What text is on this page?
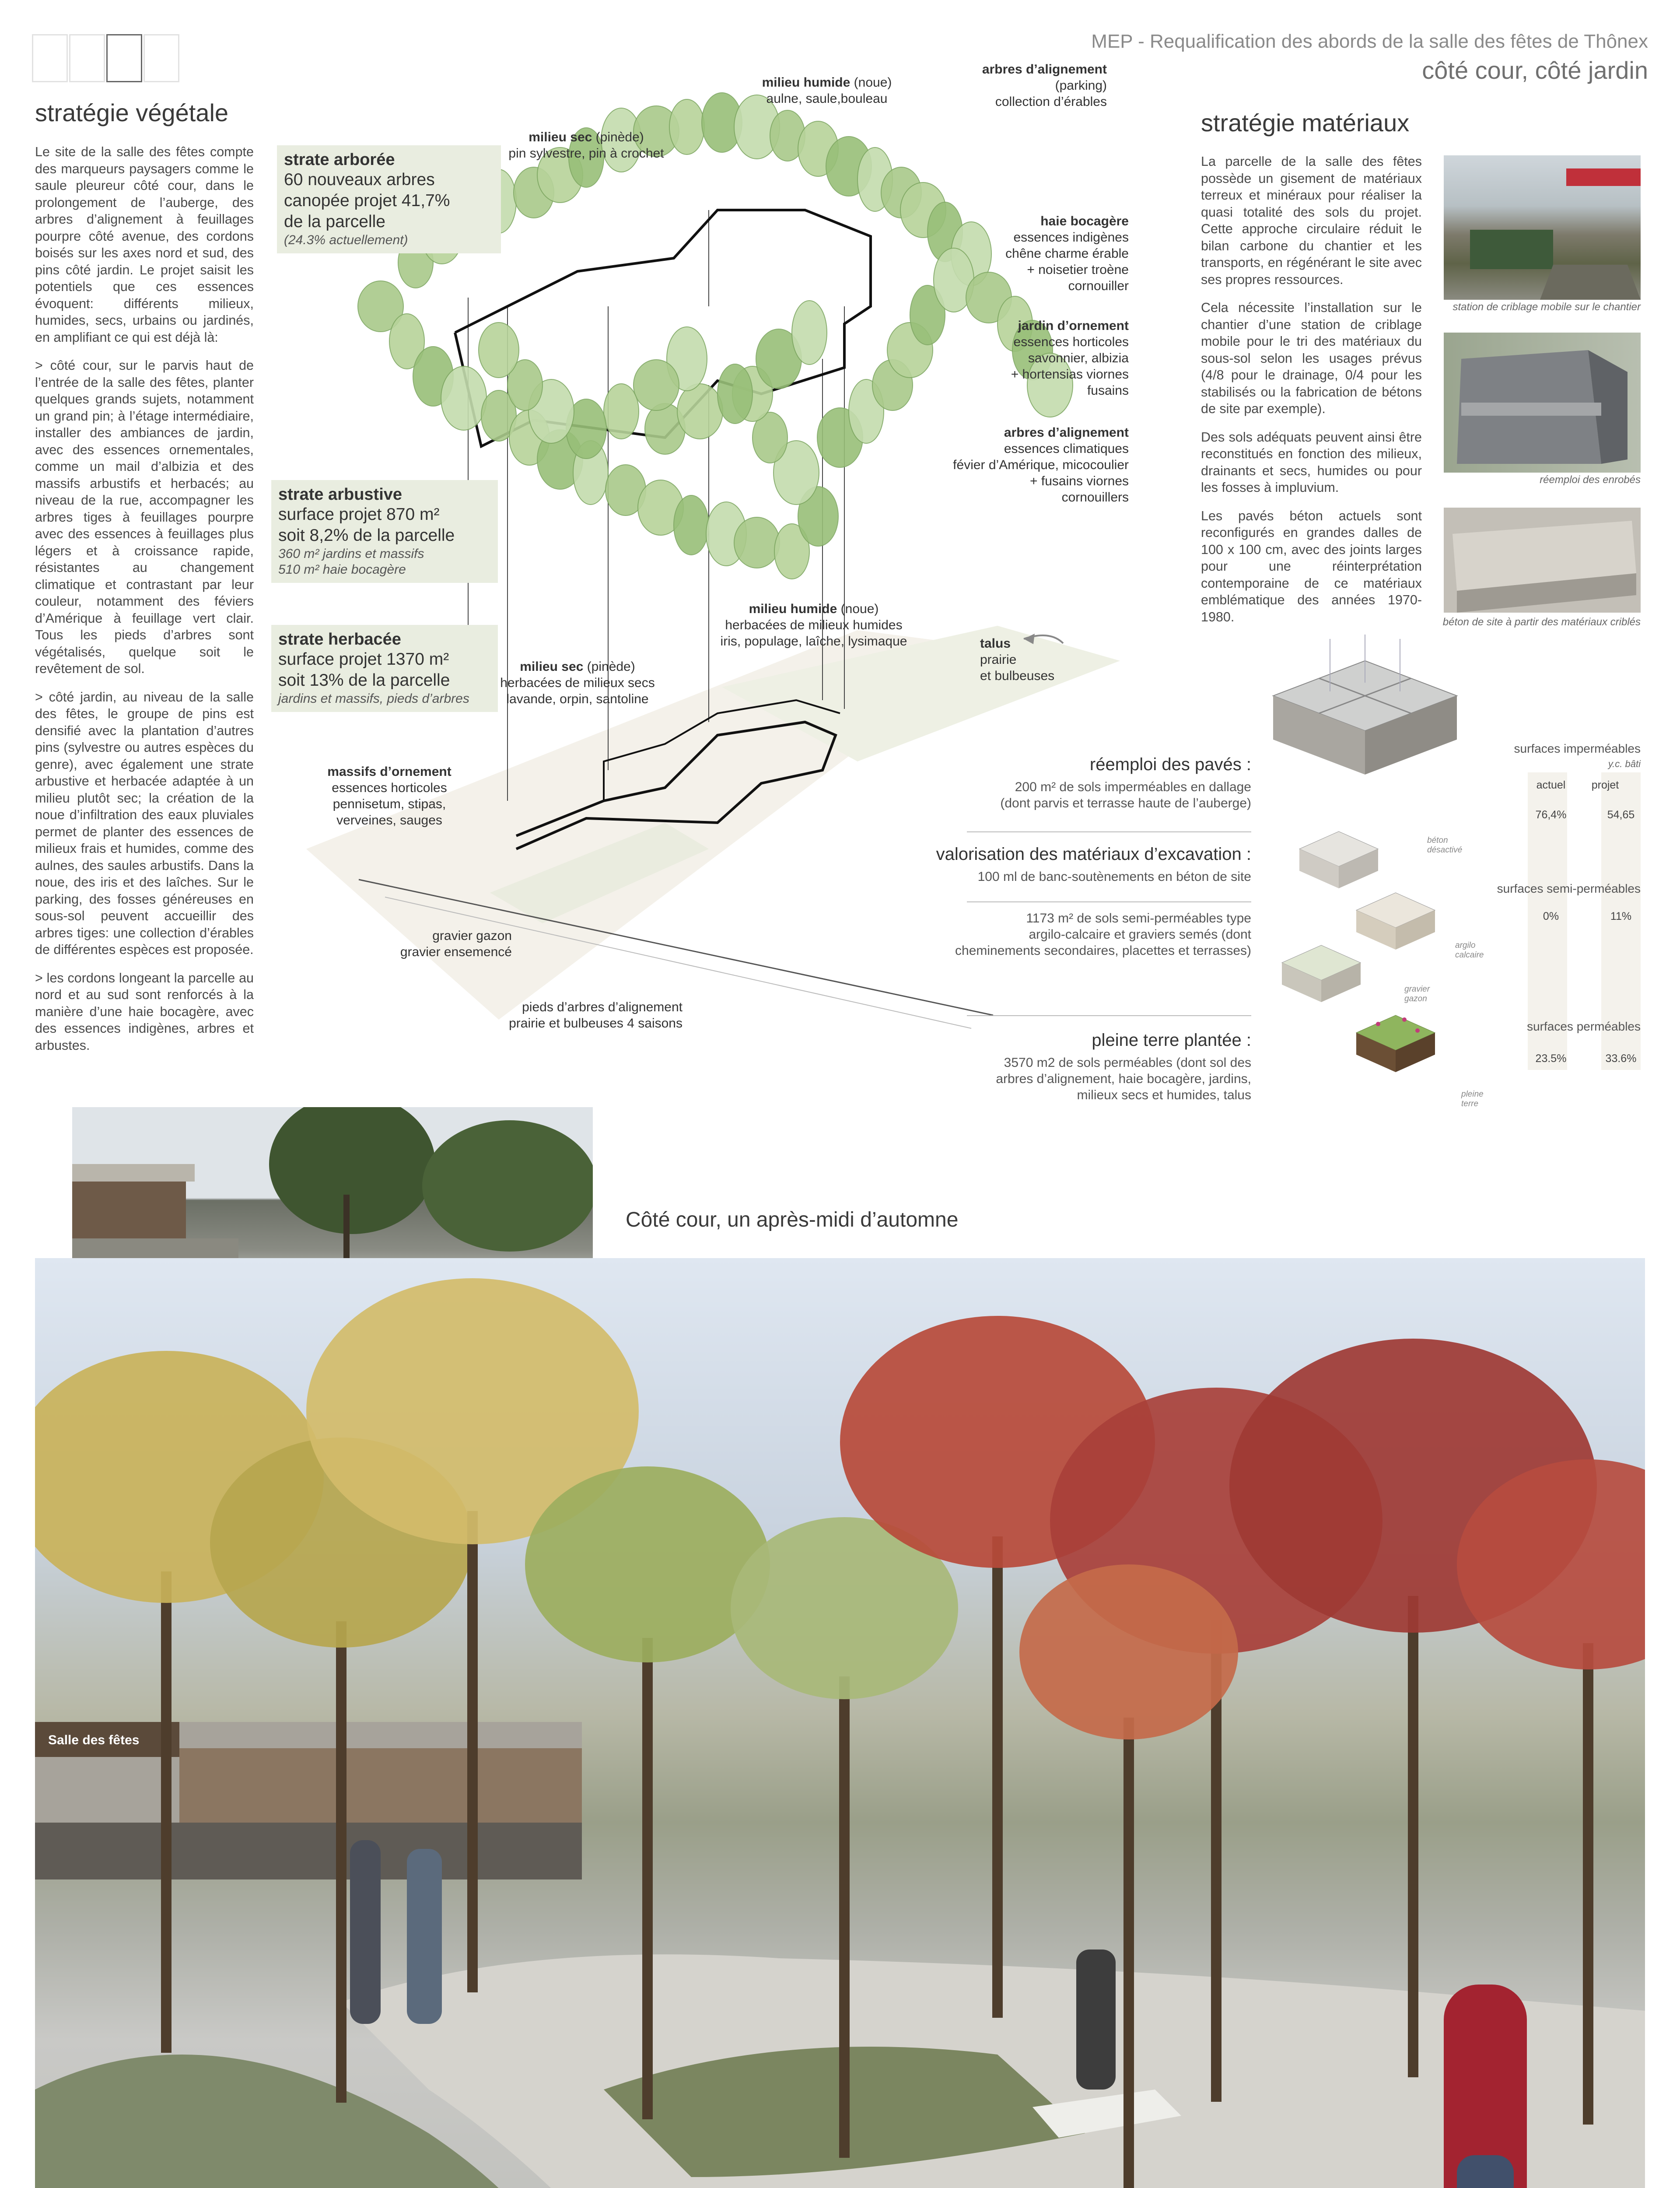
MEP - Requalification des abords de la salle des fêtes de Thônex
côté cour, côté jardin
stratégie végétale

Le site de la salle des fêtes compte des marqueurs paysagers comme le saule pleureur côté cour, dans le prolongement de l’auberge, des arbres d’alignement à feuillages pourpre côté avenue, des cordons boisés sur les axes nord et sud, des pins côté jardin. Le projet saisit les potentiels que ces essences évoquent: différents milieux, humides, secs, urbains ou jardinés, en amplifiant ce qui est déjà là:

> côté cour, sur le parvis haut de l’entrée de la salle des fêtes, planter quelques grands sujets, notamment un grand pin; à l’étage intermédiaire, installer des ambiances de jardin, avec des essences ornementales, comme un mail d’albizia et des massifs arbustifs et herbacés; au niveau de la rue, accompagner les arbres tiges à feuillages pourpre avec des essences à feuillages plus légers et à croissance rapide, résistantes au changement climatique et contrastant par leur couleur, notamment des féviers d’Amérique à feuillage vert clair. Tous les pieds d’arbres sont végétalisés, quelque soit le revêtement de sol.

> côté jardin, au niveau de la salle des fêtes, le groupe de pins est densifié avec la plantation d’autres pins (sylvestre ou autres espèces du genre), avec également une strate arbustive et herbacée adaptée à un milieu plutôt sec; la création de la noue d’infiltration des eaux pluviales permet de planter des essences de milieux frais et humides, comme des aulnes, des saules arbustifs. Dans la noue, des iris et des laîches. Sur le parking, des fosses généreuses en sous-sol peuvent accueillir des arbres tiges: une collection d’érables de différentes espèces est proposée.

> les cordons longeant la parcelle au nord et au sud sont renforcés à la manière d’une haie bocagère, avec des essences indigènes, arbres et arbustes.

strate arborée
60 nouveaux arbres
canopée projet 41,7%
de la parcelle
(24.3% actuellement)
strate arbustive
surface projet 870 m²
soit 8,2% de la parcelle
360 m² jardins et massifs
510 m² haie bocagère
strate herbacée
surface projet 1370 m²
soit 13% de la parcelle
jardins et massifs, pieds d’arbres
milieu humide (noue)
aulne, saule,bouleau
arbres d’alignement
(parking)
collection d’érables
milieu sec (pinède)
pin sylvestre, pin à crochet
haie bocagère
essences indigènes
chêne charme érable
+ noisetier troène
cornouiller
jardin d’ornement
essences horticoles
savonnier, albizia
+ hortensias viornes
fusains
arbres d’alignement
essences climatiques
févier d’Amérique, micocoulier
+ fusains viornes
cornouillers
milieu humide (noue)
herbacées de milieux humides
iris, populage, laîche, lysimaque	talus
prairie
et bulbeuses
milieu sec (pinède)
herbacées de milieux secs
lavande, orpin, santoline
massifs d’ornement
essences horticoles
pennisetum, stipas,
verveines, sauges
gravier gazon
gravier ensemencé
pieds d’arbres d’alignement
prairie et bulbeuses 4 saisons
réemploi des pavés :
200 m² de sols imperméables en dallage
(dont parvis et terrasse haute de l’auberge)
valorisation des matériaux d’excavation :
100 ml de banc-soutènements en béton de site
1173 m² de sols semi-perméables type
argilo-calcaire et graviers semés (dont
cheminements secondaires, placettes et terrasses)
pleine terre plantée :
3570 m2 de sols perméables (dont sol des
arbres d’alignement, haie bocagère, jardins,
milieux secs et humides, talus
stratégie matériaux

La parcelle de la salle des fêtes possède un gisement de matériaux terreux et minéraux pour réaliser la quasi totalité des sols du projet. Cette approche circulaire réduit le bilan carbone du chantier et les transports, en régénérant le site avec ses propres ressources.

Cela nécessite l’installation sur le chantier d’une station de criblage mobile pour le tri des matériaux du sous-sol selon les usages prévus (4/8 pour le drainage, 0/4 pour les stabilisés ou la fabrication de bétons de site par exemple).

Des sols adéquats peuvent ainsi être reconstitués en fonction des milieux, drainants et secs, humides ou pour les fosses à impluvium.

Les pavés béton actuels sont reconfigurés en grandes dalles de 100 x 100 cm, avec des joints larges pour une réinterprétation contemporaine de ce matériaux emblématique des années 1970-1980.

station de criblage mobile sur le chantier
réemploi des enrobés
béton de site à partir des matériaux criblés
béton
désactivé
argilo
calcaire
gravier
gazon
pleine
terre
surfaces imperméables
y.c. bâti
actuel	projet
76,4%	54,65
surfaces semi-perméables
0%	11%
surfaces perméables
23.5%	33.6%
Côté cour, un après-midi d’automne
Salle des fêtes
